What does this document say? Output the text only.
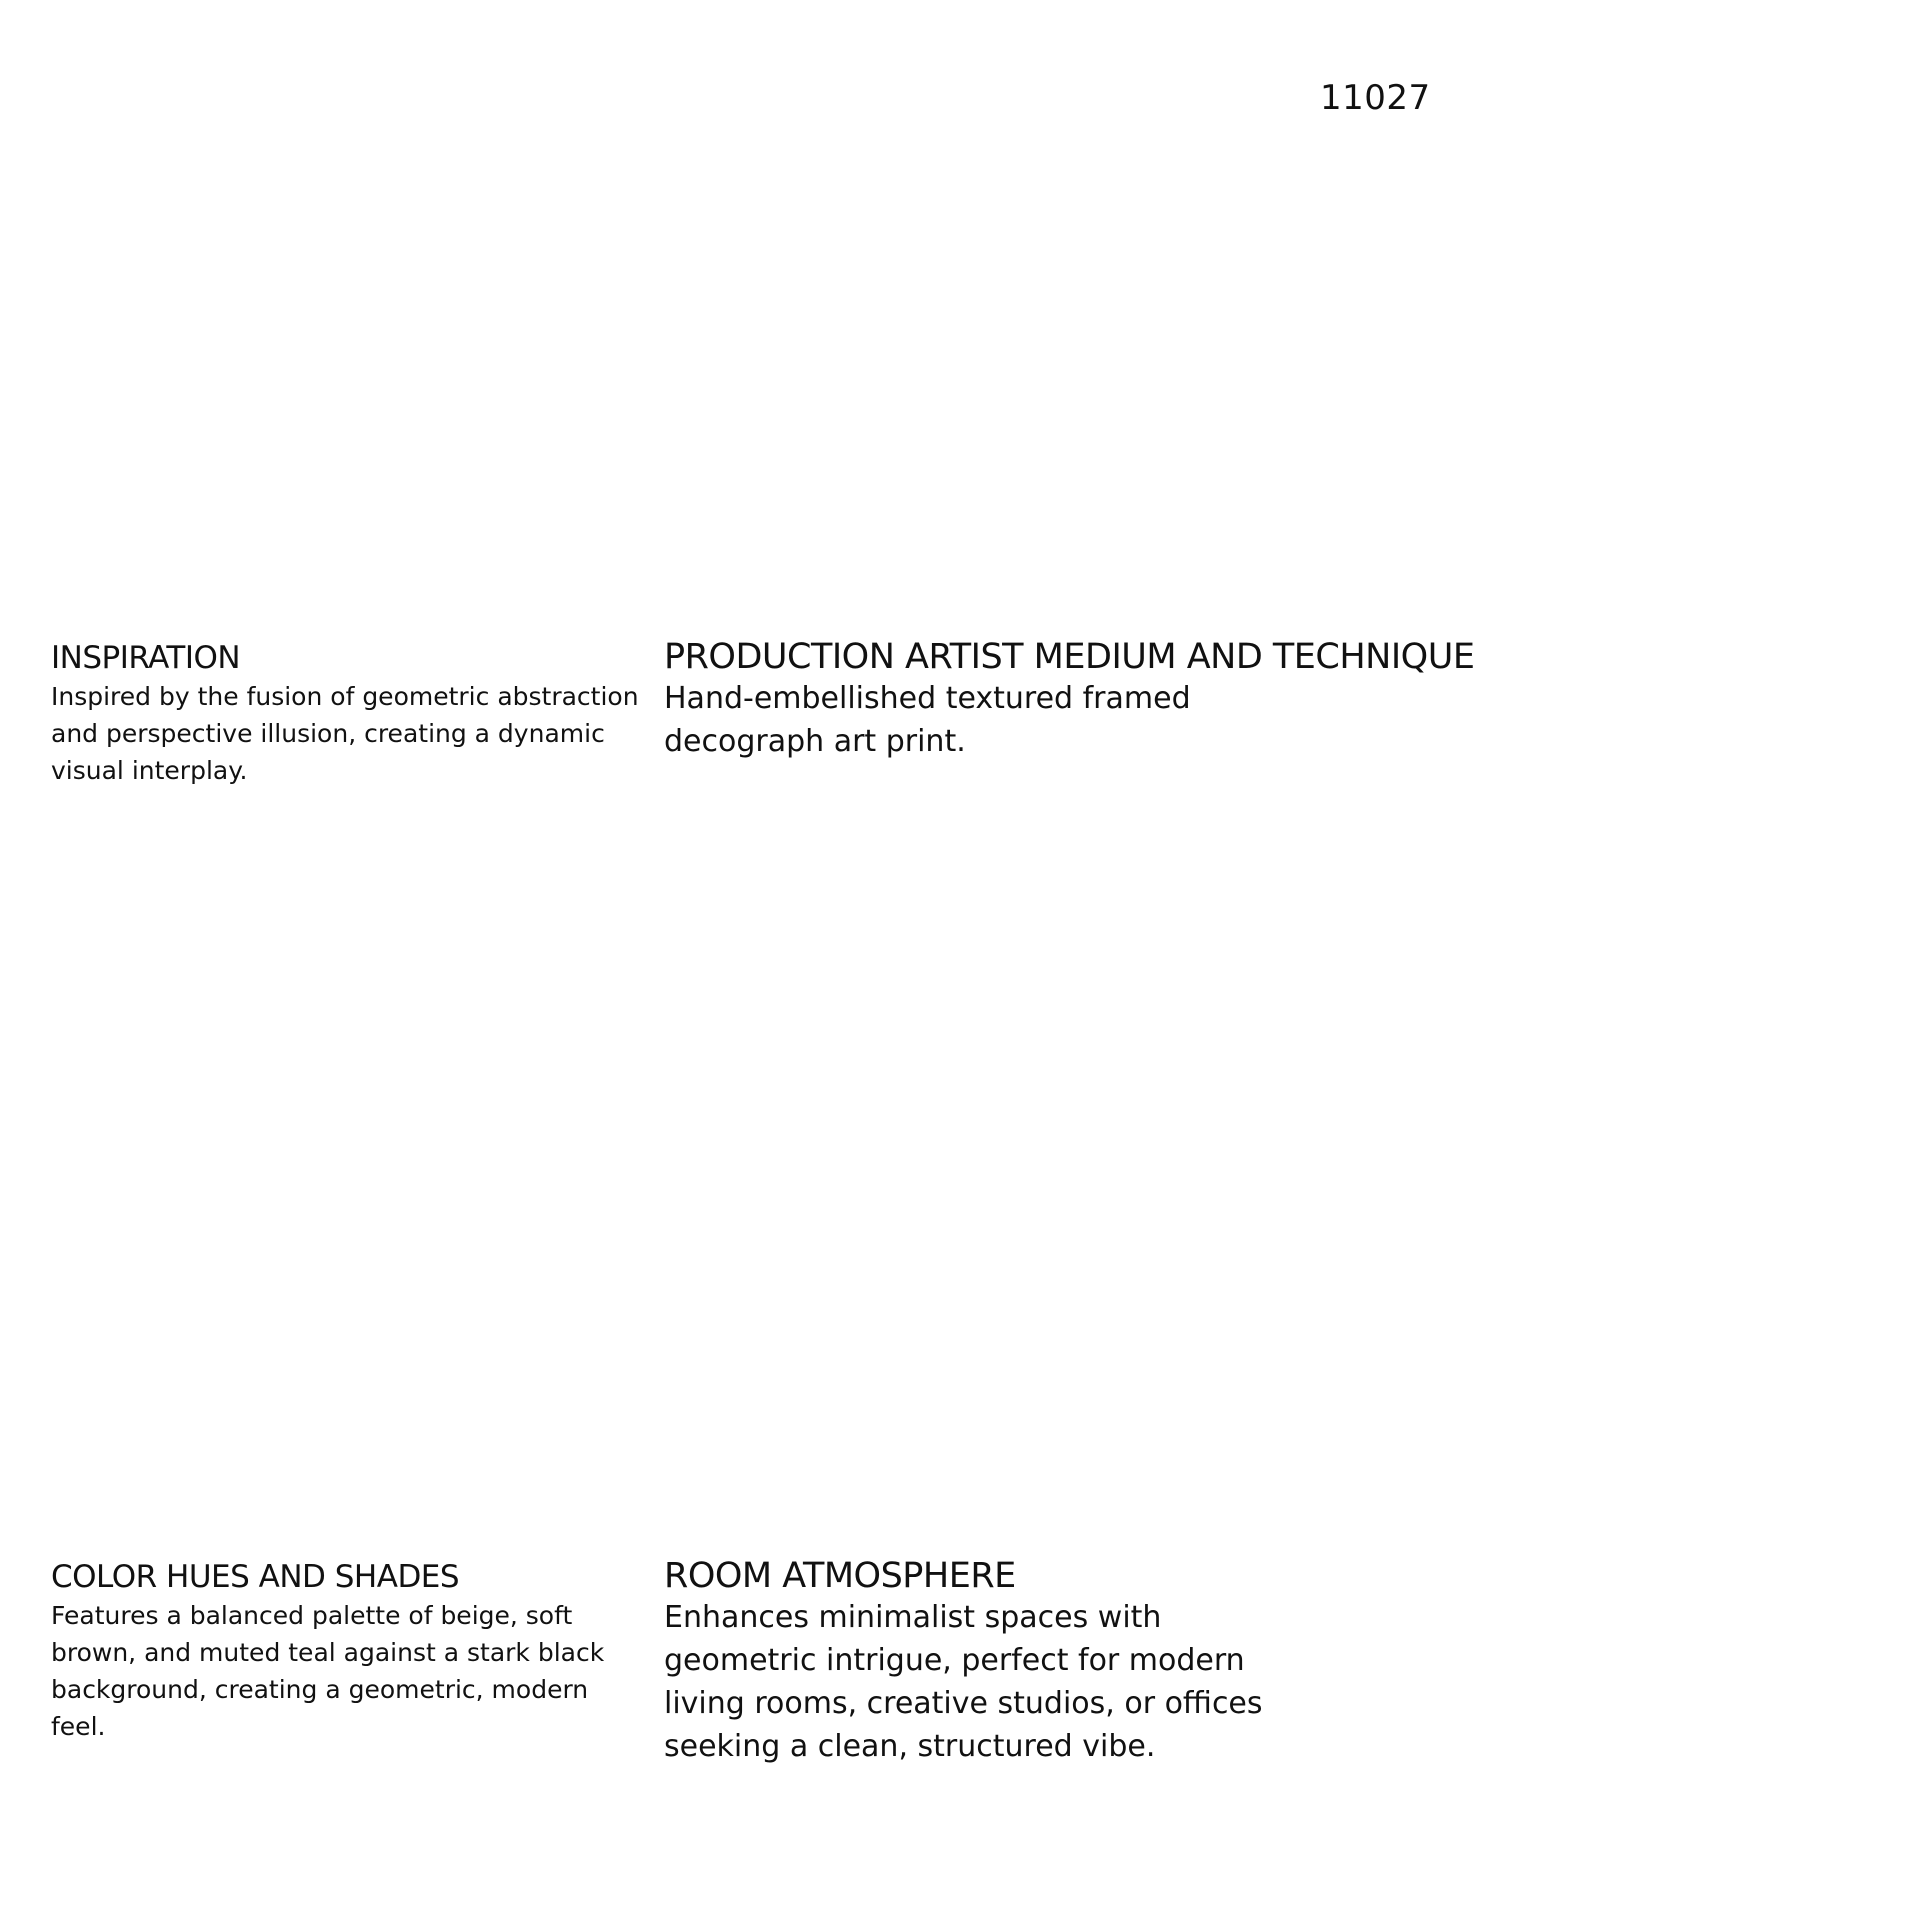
11027
INSPIRATION

Inspired by the fusion of geometric abstraction and perspective illusion, creating a dynamic visual interplay.

PRODUCTION ARTIST MEDIUM AND TECHNIQUE

Hand-embellished textured framed decograph art print.

COLOR HUES AND SHADES

Features a balanced palette of beige, soft brown, and muted teal against a stark black background, creating a geometric, modern feel.

ROOM ATMOSPHERE

Enhances minimalist spaces with geometric intrigue, perfect for modern living rooms, creative studios, or offices seeking a clean, structured vibe.
